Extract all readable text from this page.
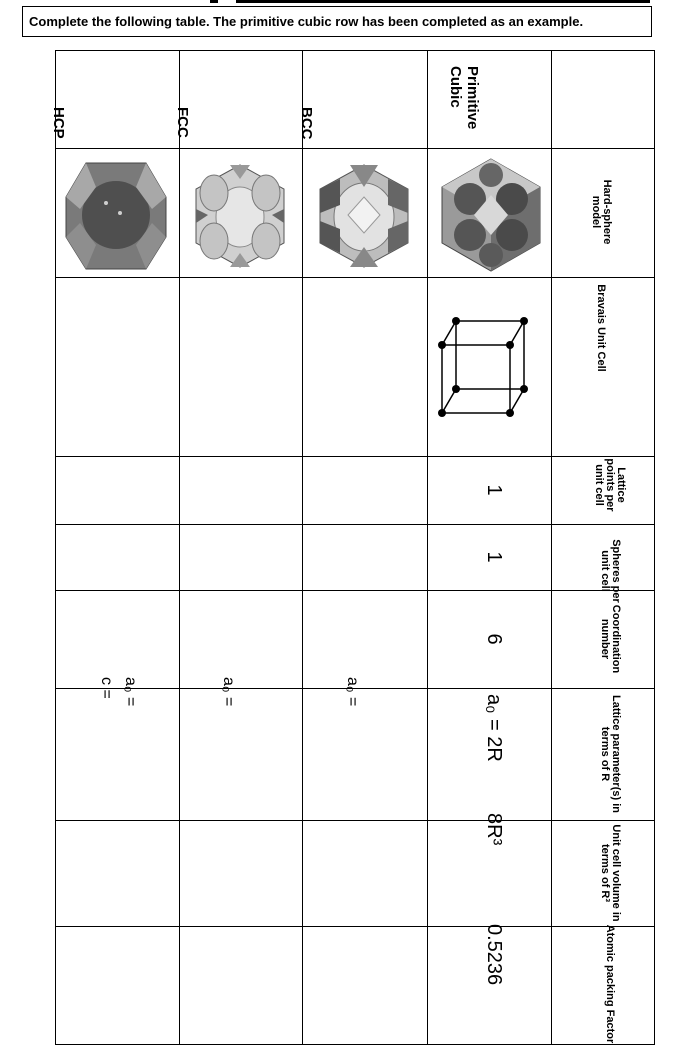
Complete the following table. The primitive cubic row has been completed as an example.
Hard-sphere model
Bravais Unit Cell
Lattice points per unit cell
Spheres per unit cell
Coordination number
Lattice parameter(s) in terms of R
Unit cell volume in terms of R³
Atomic packing Factor
Primitive Cubic
BCC
FCC
HCP
1
1
6
a₀ = 2R
8R³
0.5236
a₀ =
a₀ =
a₀ =
c =
